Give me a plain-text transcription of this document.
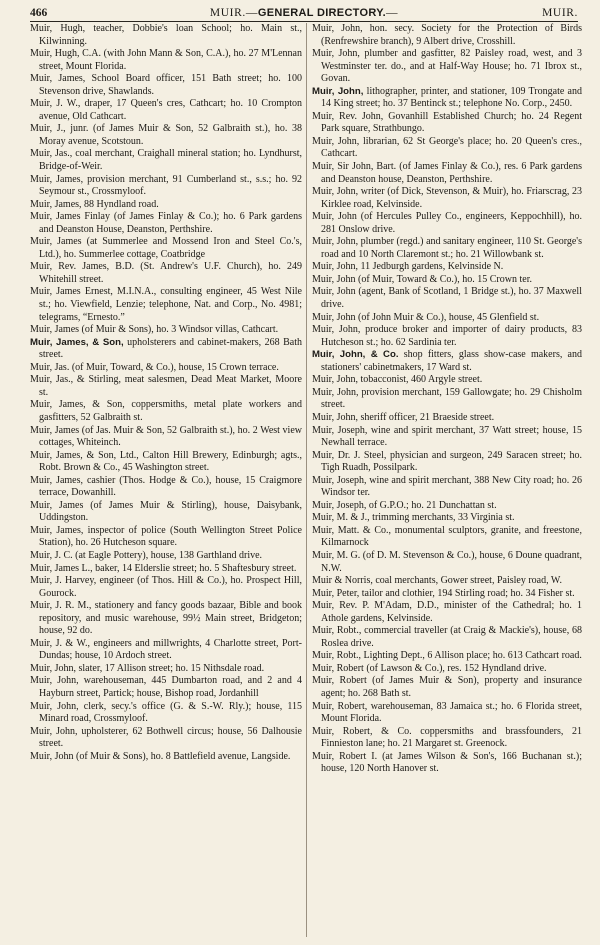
466	MUIR.—GENERAL DIRECTORY.—	MUIR.

Muir, Hugh, teacher, Dobbie's loan School; ho. Main st., Kilwinning.

Muir, Hugh, C.A. (with John Mann & Son, C.A.), ho. 27 M'Lennan street, Mount Florida.

Muir, James, School Board officer, 151 Bath street; ho. 100 Stevenson drive, Shawlands.

Muir, J. W., draper, 17 Queen's cres, Cathcart; ho. 10 Crompton avenue, Old Cathcart.

Muir, J., junr. (of James Muir & Son, 52 Galbraith st.), ho. 38 Moray avenue, Scotstoun.

Muir, Jas., coal merchant, Craighall mineral station; ho. Lyndhurst, Bridge-of-Weir.

Muir, James, provision merchant, 91 Cumberland st., s.s.; ho. 92 Seymour st., Crossmyloof.

Muir, James, 88 Hyndland road.

Muir, James Finlay (of James Finlay & Co.); ho. 6 Park gardens and Deanston House, Deanston, Perthshire.

Muir, James (at Summerlee and Mossend Iron and Steel Co.'s, Ltd.), ho. Summerlee cottage, Coatbridge

Muir, Rev. James, B.D. (St. Andrew's U.F. Church), ho. 249 Whitehill street.

Muir, James Ernest, M.I.N.A., consulting engineer, 45 West Nile st.; ho. Viewfield, Lenzie; telephone, Nat. and Corp., No. 4981; telegrams, “Ernesto.”

Muir, James (of Muir & Sons), ho. 3 Windsor villas, Cathcart.

Muir, James, & Son, upholsterers and cabinet-makers, 268 Bath street.

Muir, Jas. (of Muir, Toward, & Co.), house, 15 Crown terrace.

Muir, Jas., & Stirling, meat salesmen, Dead Meat Market, Moore st.

Muir, James, & Son, coppersmiths, metal plate workers and gasfitters, 52 Galbraith st.

Muir, James (of Jas. Muir & Son, 52 Galbraith st.), ho. 2 West view cottages, Whiteinch.

Muir, James, & Son, Ltd., Calton Hill Brewery, Edinburgh; agts., Robt. Brown & Co., 45 Washington street.

Muir, James, cashier (Thos. Hodge & Co.), house, 15 Craigmore terrace, Dowanhill.

Muir, James (of James Muir & Stirling), house, Daisybank, Uddingston.

Muir, James, inspector of police (South Wellington Street Police Station), ho. 26 Hutcheson square.

Muir, J. C. (at Eagle Pottery), house, 138 Garthland drive.

Muir, James L., baker, 14 Elderslie street; ho. 5 Shaftesbury street.

Muir, J. Harvey, engineer (of Thos. Hill & Co.), ho. Prospect Hill, Gourock.

Muir, J. R. M., stationery and fancy goods bazaar, Bible and book repository, and music warehouse, 99½ Main street, Bridgeton; house, 92 do.

Muir, J. & W., engineers and millwrights, 4 Charlotte street, Port-Dundas; house, 10 Ardoch street.

Muir, John, slater, 17 Allison street; ho. 15 Nithsdale road.

Muir, John, warehouseman, 445 Dumbarton road, and 2 and 4 Hayburn street, Partick; house, Bishop road, Jordanhill

Muir, John, clerk, secy.'s office (G. & S.-W. Rly.); house, 115 Minard road, Crossmyloof.

Muir, John, upholsterer, 62 Bothwell circus; house, 56 Dalhousie street.

Muir, John (of Muir & Sons), ho. 8 Battlefield avenue, Langside.

Muir, John, hon. secy. Society for the Protection of Birds (Renfrewshire branch), 9 Albert drive, Crosshill.

Muir, John, plumber and gasfitter, 82 Paisley road, west, and 3 Westminster ter. do., and at Half-Way House; ho. 71 Ibrox st., Govan.

Muir, John, lithographer, printer, and stationer, 109 Trongate and 14 King street; ho. 37 Bentinck st.; telephone No. Corp., 2450.

Muir, Rev. John, Govanhill Established Church; ho. 24 Regent Park square, Strathbungo.

Muir, John, librarian, 62 St George's place; ho. 20 Queen's cres., Cathcart.

Muir, Sir John, Bart. (of James Finlay & Co.), res. 6 Park gardens and Deanston house, Deanston, Perthshire.

Muir, John, writer (of Dick, Stevenson, & Muir), ho. Friarscrag, 23 Kirklee road, Kelvinside.

Muir, John (of Hercules Pulley Co., engineers, Keppochhill), ho. 281 Onslow drive.

Muir, John, plumber (regd.) and sanitary engineer, 110 St. George's road and 10 North Claremont st.; ho. 21 Willowbank st.

Muir, John, 11 Jedburgh gardens, Kelvinside N.

Muir, John (of Muir, Toward & Co.), ho. 15 Crown ter.

Muir, John (agent, Bank of Scotland, 1 Bridge st.), ho. 37 Maxwell drive.

Muir, John (of John Muir & Co.), house, 45 Glenfield st.

Muir, John, produce broker and importer of dairy products, 83 Hutcheson st.; ho. 62 Sardinia ter.

Muir, John, & Co. shop fitters, glass show-case makers, and stationers' cabinetmakers, 17 Ward st.

Muir, John, tobacconist, 460 Argyle street.

Muir, John, provision merchant, 159 Gallowgate; ho. 29 Chisholm street.

Muir, John, sheriff officer, 21 Braeside street.

Muir, Joseph, wine and spirit merchant, 37 Watt street; house, 15 Newhall terrace.

Muir, Dr. J. Steel, physician and surgeon, 249 Saracen street; ho. Tigh Ruadh, Possilpark.

Muir, Joseph, wine and spirit merchant, 388 New City road; ho. 26 Windsor ter.

Muir, Joseph, of G.P.O.; ho. 21 Dunchattan st.

Muir, M. & J., trimming merchants, 33 Virginia st.

Muir, Matt. & Co., monumental sculptors, granite, and freestone, Kilmarnock

Muir, M. G. (of D. M. Stevenson & Co.), house, 6 Doune quadrant, N.W.

Muir & Norris, coal merchants, Gower street, Paisley road, W.

Muir, Peter, tailor and clothier, 194 Stirling road; ho. 34 Fisher st.

Muir, Rev. P. M'Adam, D.D., minister of the Cathedral; ho. 1 Athole gardens, Kelvinside.

Muir, Robt., commercial traveller (at Craig & Mackie's), house, 68 Roslea drive.

Muir, Robt., Lighting Dept., 6 Allison place; ho. 613 Cathcart road.

Muir, Robert (of Lawson & Co.), res. 152 Hyndland drive.

Muir, Robert (of James Muir & Son), property and insurance agent; ho. 268 Bath st.

Muir, Robert, warehouseman, 83 Jamaica st.; ho. 6 Florida street, Mount Florida.

Muir, Robert, & Co. coppersmiths and brassfounders, 21 Finnieston lane; ho. 21 Margaret st. Greenock.

Muir, Robert I. (at James Wilson & Son's, 166 Buchanan st.); house, 120 North Hanover st.
